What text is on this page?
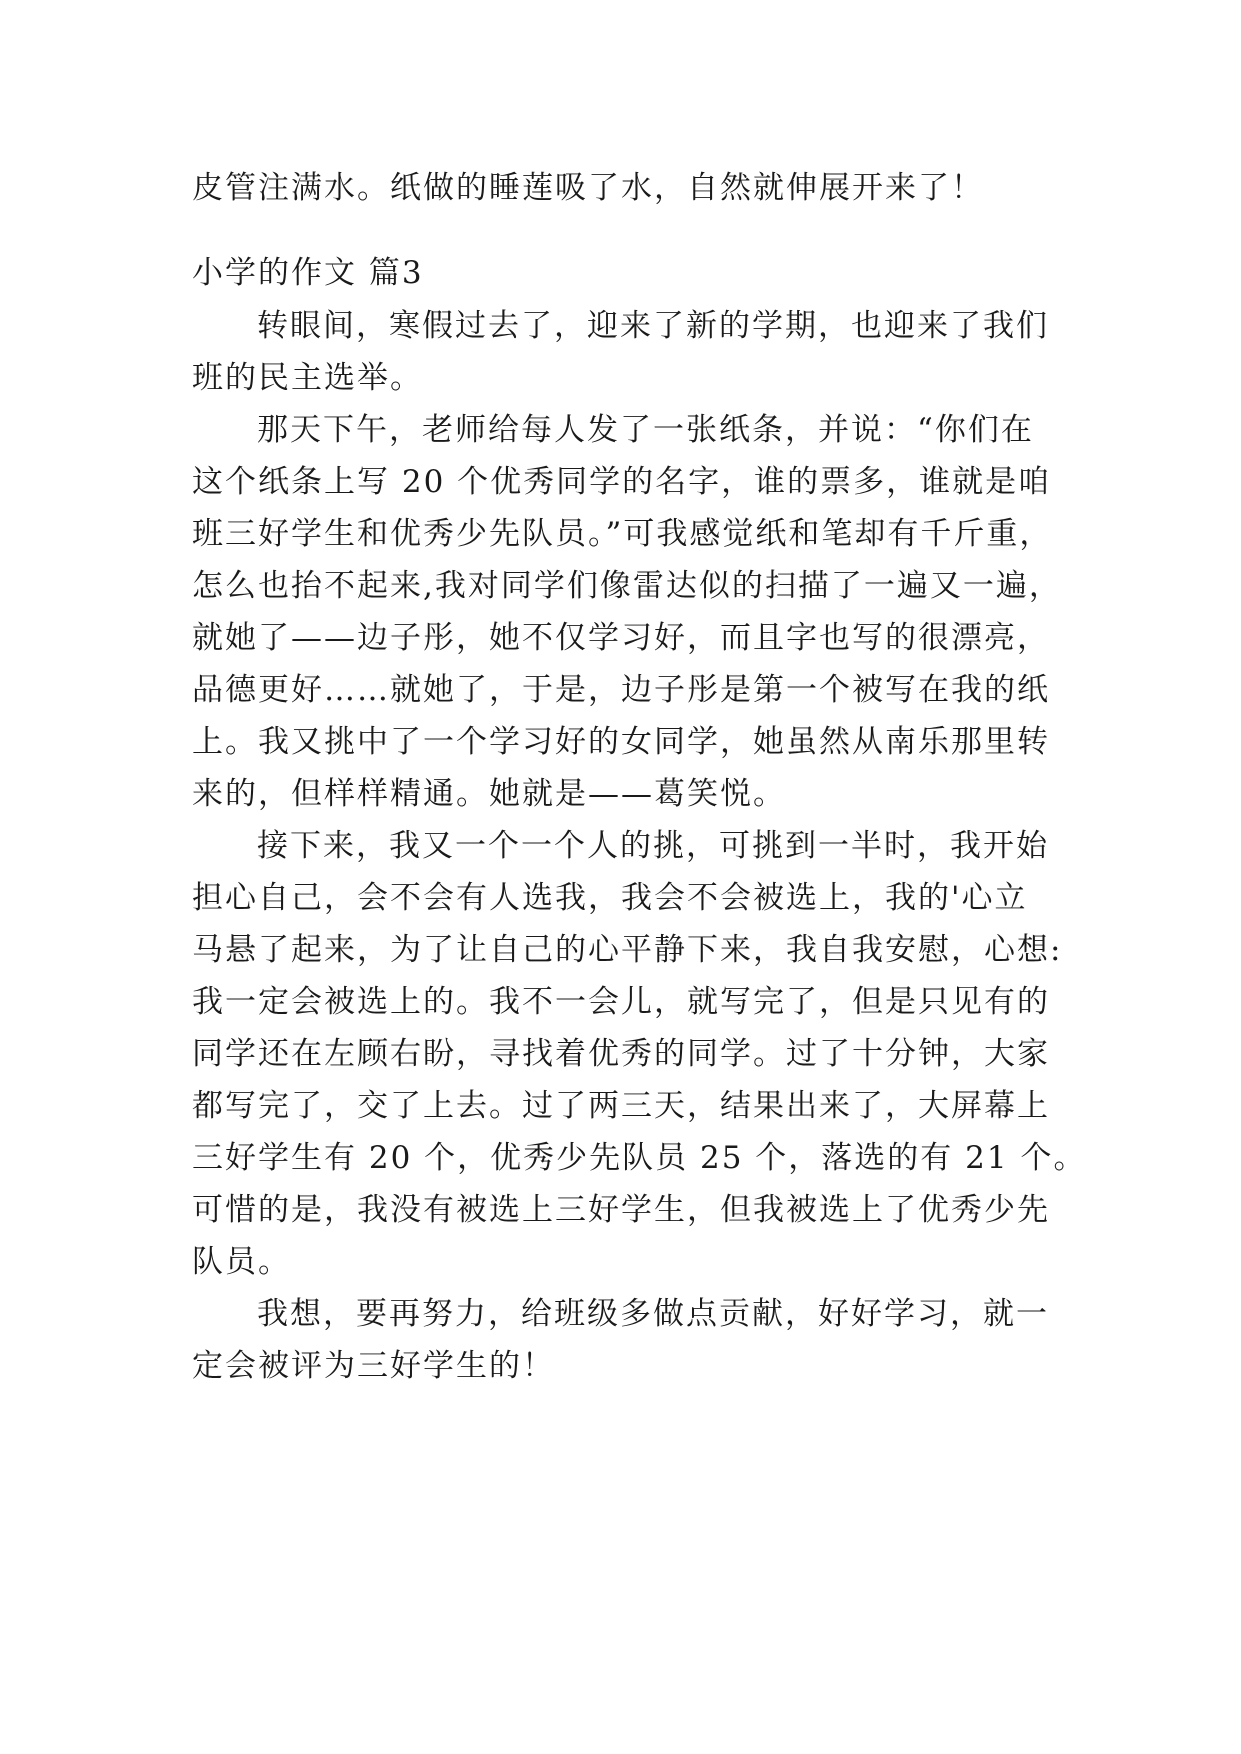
皮管注满水。纸做的睡莲吸了水，自然就伸展开来了！
小学的作文 篇3
转眼间，寒假过去了，迎来了新的学期，也迎来了我们
班的民主选举。
那天下午，老师给每人发了一张纸条，并说：“你们在
这个纸条上写 20 个优秀同学的名字，谁的票多，谁就是咱
班三好学生和优秀少先队员。”可我感觉纸和笔却有千斤重，
怎么也抬不起来,我对同学们像雷达似的扫描了一遍又一遍，
就她了——边子彤，她不仅学习好，而且字也写的很漂亮，
品德更好……就她了，于是，边子彤是第一个被写在我的纸
上。我又挑中了一个学习好的女同学，她虽然从南乐那里转
来的，但样样精通。她就是——葛笑悦。
接下来，我又一个一个人的挑，可挑到一半时，我开始
担心自己，会不会有人选我，我会不会被选上，我的'心立
马悬了起来，为了让自己的心平静下来，我自我安慰，心想:
我一定会被选上的。我不一会儿，就写完了，但是只见有的
同学还在左顾右盼，寻找着优秀的同学。过了十分钟，大家
都写完了，交了上去。过了两三天，结果出来了，大屏幕上
三好学生有 20 个，优秀少先队员 25 个，落选的有 21 个。
可惜的是，我没有被选上三好学生，但我被选上了优秀少先
队员。
我想，要再努力，给班级多做点贡献，好好学习，就一
定会被评为三好学生的！
